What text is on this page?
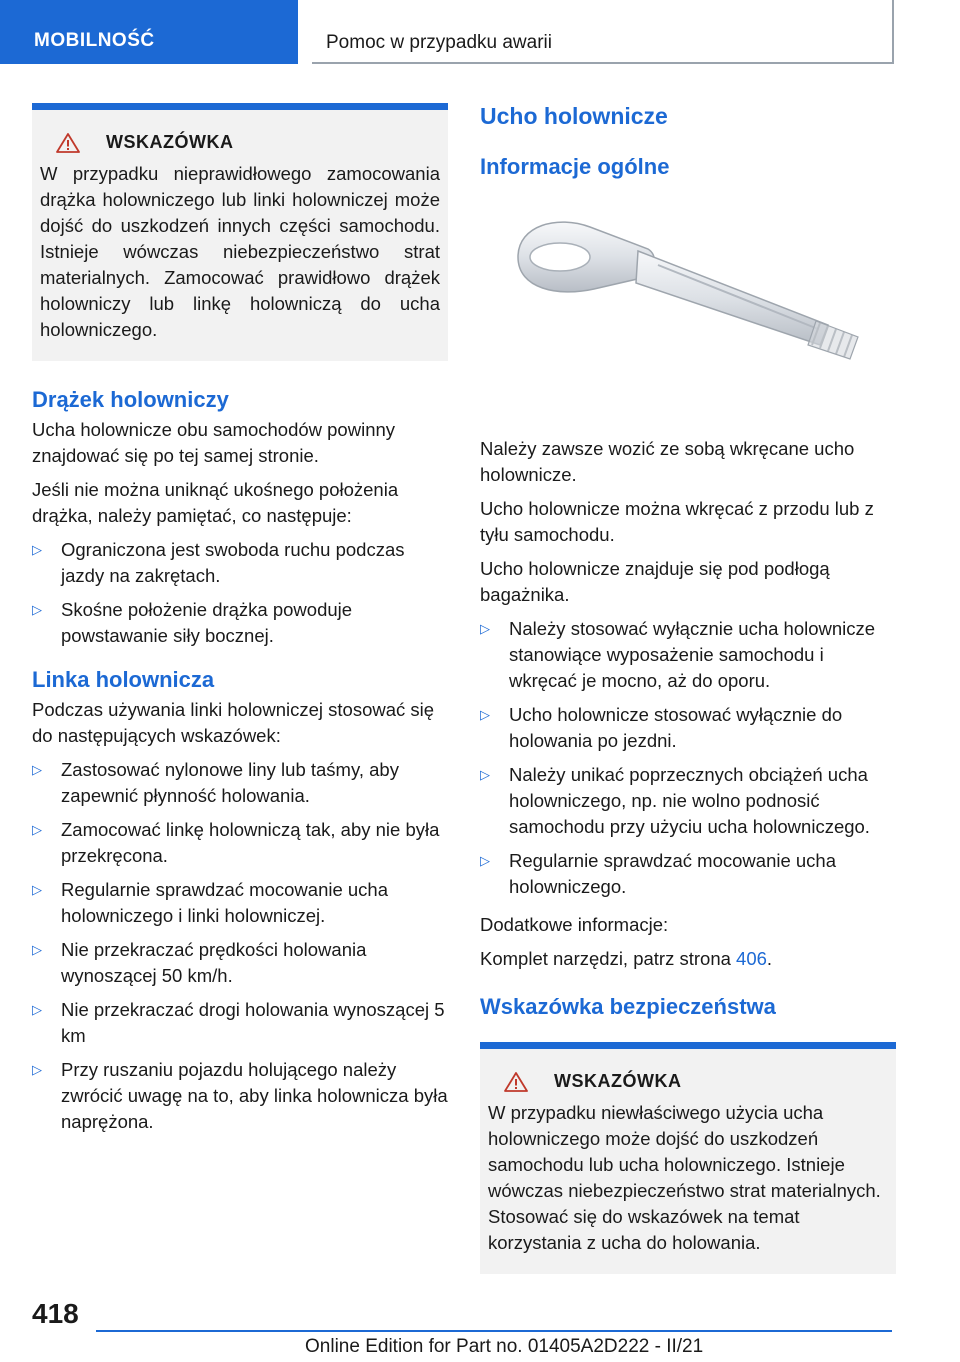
MOBILNOŚĆ	Pomoc w przypadku awarii
WSKAZÓWKA

W przypadku nieprawidłowego zamocowania drążka holowniczego lub linki holowniczej może dojść do uszkodzeń innych części samochodu. Istnieje wówczas niebezpieczeństwo strat materialnych. Zamocować prawidłowo drążek holowniczy lub linkę holowniczą do ucha holowniczego.

Drążek holowniczy

Ucha holownicze obu samochodów powinny znajdować się po tej samej stronie.

Jeśli nie można uniknąć ukośnego położenia drążka, należy pamiętać, co następuje:

▷ Ograniczona jest swoboda ruchu podczas jazdy na zakrętach.
▷ Skośne położenie drążka powoduje powstawanie siły bocznej.
Linka holownicza

Podczas używania linki holowniczej stosować się do następujących wskazówek:

▷ Zastosować nylonowe liny lub taśmy, aby zapewnić płynność holowania.
▷ Zamocować linkę holowniczą tak, aby nie była przekręcona.
▷ Regularnie sprawdzać mocowanie ucha holowniczego i linki holowniczej.
▷ Nie przekraczać prędkości holowania wynoszącej 50 km/h.
▷ Nie przekraczać drogi holowania wynoszącej 5 km
▷ Przy ruszaniu pojazdu holującego należy zwrócić uwagę na to, aby linka holownicza była naprężona.
Ucho holownicze
Informacje ogólne

Należy zawsze wozić ze sobą wkręcane ucho holownicze.

Ucho holownicze można wkręcać z przodu lub z tyłu samochodu.

Ucho holownicze znajduje się pod podłogą bagażnika.

▷ Należy stosować wyłącznie ucha holownicze stanowiące wyposażenie samochodu i wkręcać je mocno, aż do oporu.
▷ Ucho holownicze stosować wyłącznie do holowania po jezdni.
▷ Należy unikać poprzecznych obciążeń ucha holowniczego, np. nie wolno podnosić samochodu przy użyciu ucha holowniczego.
▷ Regularnie sprawdzać mocowanie ucha holowniczego.

Dodatkowe informacje:

Komplet narzędzi, patrz strona 406.

Wskazówka bezpieczeństwa
WSKAZÓWKA

W przypadku niewłaściwego użycia ucha holowniczego może dojść do uszkodzeń samochodu lub ucha holowniczego. Istnieje wówczas niebezpieczeństwo strat materialnych. Stosować się do wskazówek na temat korzystania z ucha do holowania.

418
Online Edition for Part no. 01405A2D222 - II/21
